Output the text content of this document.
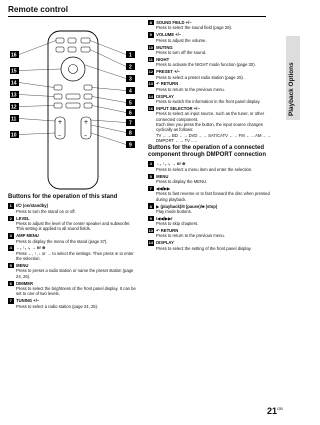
Remote control
Playback Options
+
–
+
–
16
15
14
13
12
11
10
1
2
3
4
5
6
7
8
9
Buttons for the operation of this stand
1 I/⏻ (on/standby)
Press to turn the stand on or off.
2 LEVEL
Press to adjust the level of the center speaker and subwoofer. This setting is applied to all sound fields.
3 AMP MENU
Press to display the menu of the stand (page 37).
4 ←, ↑, ↓, → or ⊕
Press ←, ↑, ↓ or → to select the settings. Then press ⊕ to enter the selection.
5 MENU
Press to preset a radio station or name the preset station (page 24, 26).
6 DIMMER
Press to select the brightness of the front panel display. It can be set to one of two levels.
7 TUNING +/–
Press to select a radio station (page 24, 25).
8 SOUND FIELD +/–
Press to select the sound field (page 28).
9 VOLUME +/–
Press to adjust the volume.
10 MUTING
Press to turn off the sound.
11 NIGHT
Press to activate the NIGHT mode function (page 30).
12 PRESET +/–
Press to select a preset radio station (page 25).
13 ↶ RETURN
Press to return to the previous menu.
14 DISPLAY
Press to switch the information in the front panel display.
16 INPUT SELECTOR +/–
Press to select an input source, such as the tuner, or other connected component.
Each time you press the button, the input source changes cyclically as follows:
TV ←→ BD ←→ DVD ←→ SAT/CATV ←→ FM ←→ AM ←→ DMPORT ←→ TV .....
Buttons for the operation of a connected component through DMPORT connection
4 ←, ↑, ↓, → or ⊕
Press to select a menu item and enter the selection.
5 MENU
Press to display the MENU.
7 ◀◀/▶▶
Press to fast reverse or to fast forward the disc when pressed during playback.
8 ▶ (playback)/II (pause)/■ (stop)
Play mode buttons.
9 I◀◀/▶▶I
Press to skip chapters.
13 ↶ RETURN
Press to return to the previous menu.
14 DISPLAY
Press to select the setting of the front panel display.
$21^{GB}$
